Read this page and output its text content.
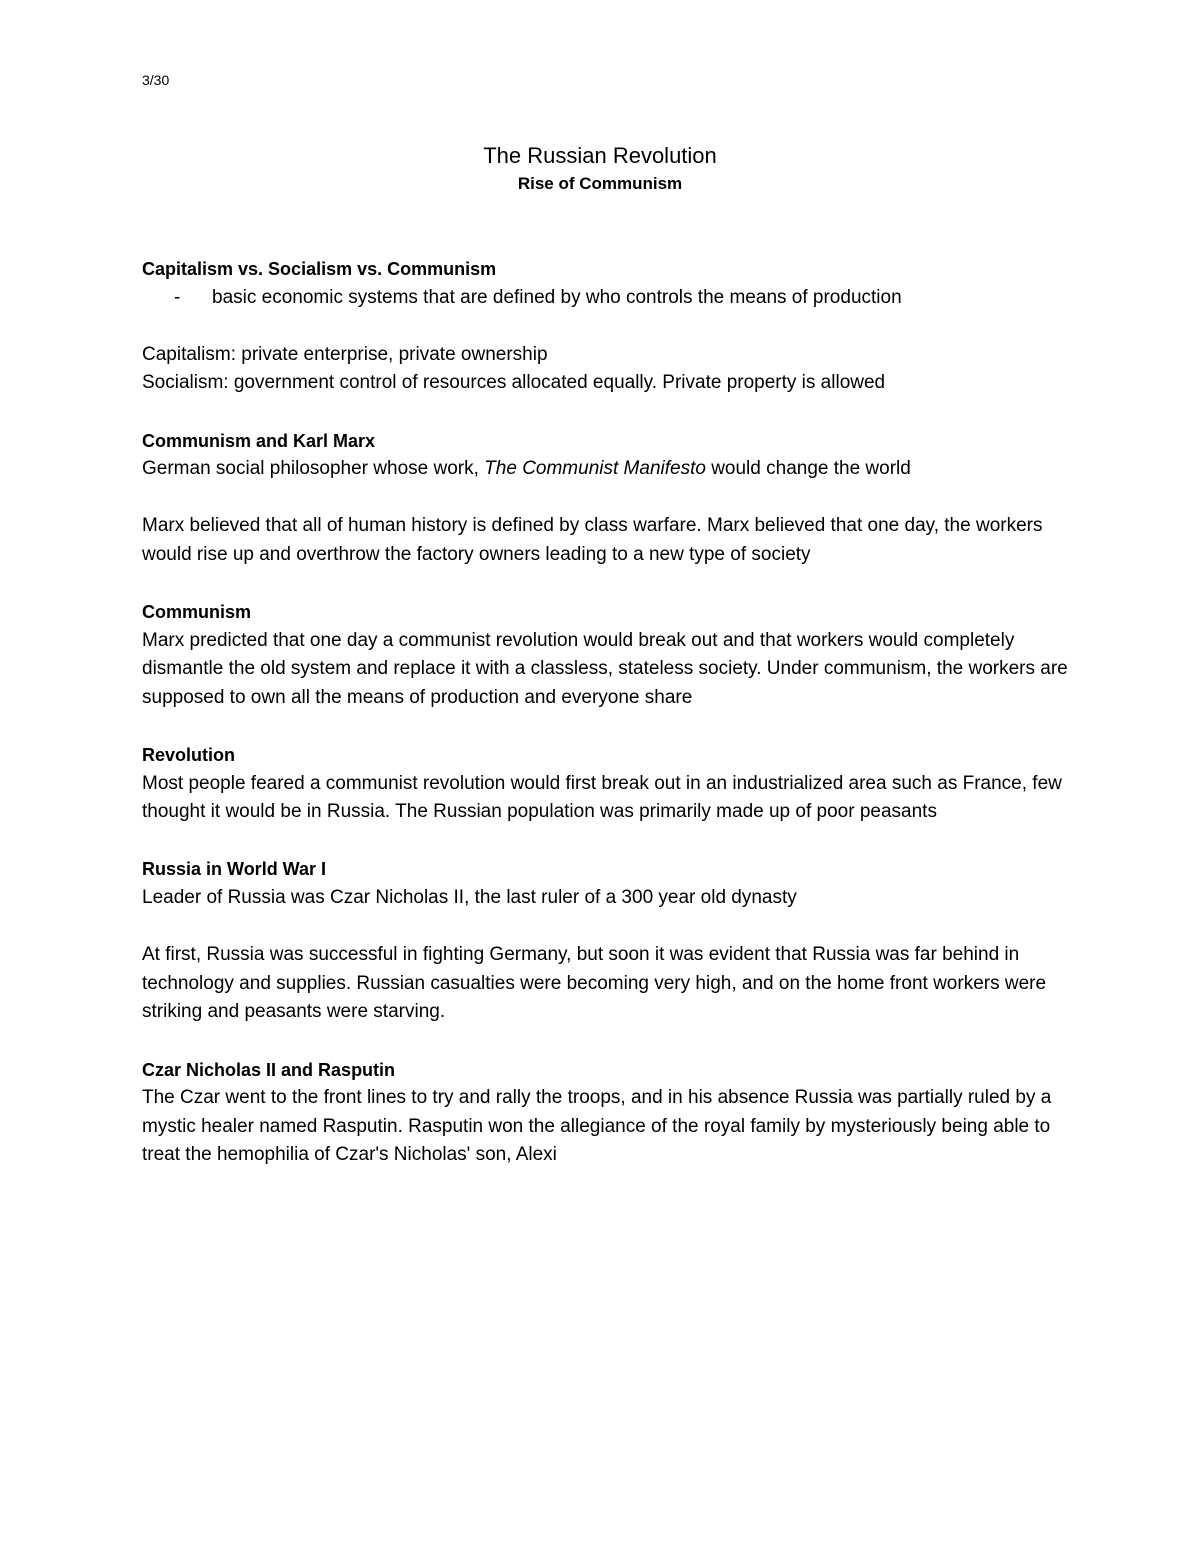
3/30
The Russian Revolution
Rise of Communism
Capitalism vs. Socialism vs. Communism
- basic economic systems that are defined by who controls the means of production

Capitalism: private enterprise, private ownership

Socialism: government control of resources allocated equally. Private property is allowed

Communism and Karl Marx

German social philosopher whose work, The Communist Manifesto would change the world

Marx believed that all of human history is defined by class warfare. Marx believed that one day, the workers would rise up and overthrow the factory owners leading to a new type of society

Communism

Marx predicted that one day a communist revolution would break out and that workers would completely dismantle the old system and replace it with a classless, stateless society. Under communism, the workers are supposed to own all the means of production and everyone share

Revolution

Most people feared a communist revolution would first break out in an industrialized area such as France, few thought it would be in Russia. The Russian population was primarily made up of poor peasants

Russia in World War I

Leader of Russia was Czar Nicholas II, the last ruler of a 300 year old dynasty

At first, Russia was successful in fighting Germany, but soon it was evident that Russia was far behind in technology and supplies. Russian casualties were becoming very high, and on the home front workers were striking and peasants were starving.

Czar Nicholas II and Rasputin

The Czar went to the front lines to try and rally the troops, and in his absence Russia was partially ruled by a mystic healer named Rasputin. Rasputin won the allegiance of the royal family by mysteriously being able to treat the hemophilia of Czar's Nicholas' son, Alexi
